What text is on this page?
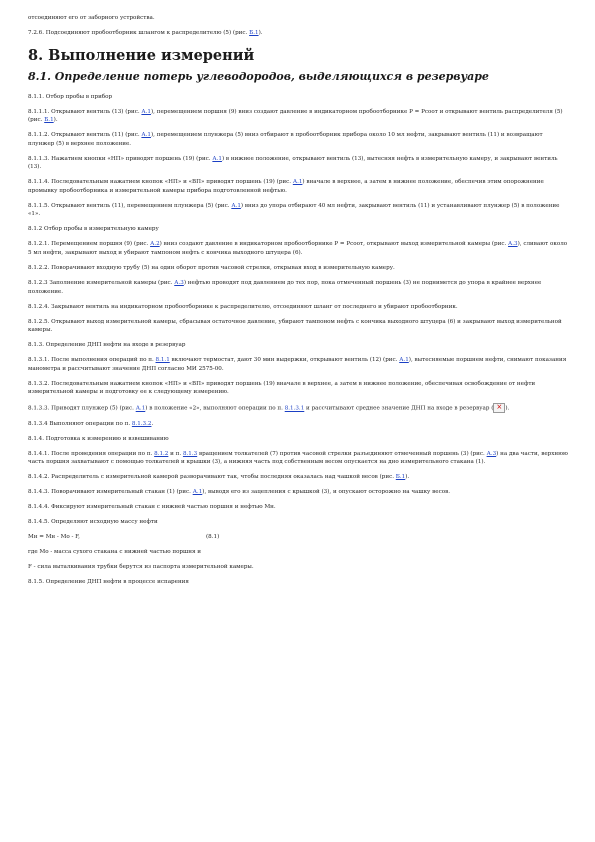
отсоединяют его от заборного устройства.

7.2.6. Подсоединяют пробоотборник шлангом к распределителю (5) (рис. Б.1).

8. Выполнение измерений
8.1. Определение потерь углеводородов, выделяющихся в резервуаре

8.1.1. Отбор пробы в прибор

8.1.1.1. Открывают вентиль (13) (рис. А.1), перемещением поршня (9) вниз создают давление в индикаторном пробоотборнике P = Pсоот и открывают вентиль распределителя (5) (рис. Б.1).

8.1.1.2. Открывают вентиль (11) (рис. А.1), перемещением плунжера (5) вниз отбирают в пробоотборник прибора около 10 мл нефти, закрывают вентиль (11) и возвращают плунжер (5) в верхнее положение.

8.1.1.3. Нажатием кнопки «НП» приводят поршень (19) (рис. А.1) в нижнее положение, открывают вентиль (13), вытесняя нефть в измерительную камеру, и закрывают вентиль (13).

8.1.1.4. Последовательным нажатием кнопок «НП» и «ВП» приводят поршень (19) (рис. А.1) вначале в верхнее, а затем в нижнее положение, обеспечив этим опорожнение промывку пробоотборника и измерительной камеры прибора подготовленной нефтью.

8.1.1.5. Открывают вентиль (11), перемещением плунжера (5) (рис. А.1) вниз до упора отбирают 40 мл нефти, закрывают вентиль (11) и устанавливают плунжер (5) в положение «1».

8.1.2 Отбор пробы в измерительную камеру

8.1.2.1. Перемещением поршня (9) (рис. А.2) вниз создают давление в индикаторном пробоотборнике P = Pсоот, открывают выход измерительной камеры (рис. А.3), сливают около 5 мл нефти, закрывают выход и убирают тампоном нефть с кончика выходного штуцера (6).

8.1.2.2. Поворачивают входную трубу (5) на один оборот против часовой стрелки, открывая вход в измерительную камеру.

8.1.2.3 Заполнение измерительной камеры (рис. А.3) нефтью проводят под давлением до тех пор, пока отмеченный поршень (3) не поднимется до упора в крайнее верхнее положение.

8.1.2.4. Закрывают вентиль на индикаторном пробоотборнике к распределителю, отсоединяют шланг от последнего и убирают пробоотборник.

8.1.2.5. Открывают выход измерительной камеры, сбрасывая остаточное давление, убирают тампоном нефть с кончика выходного штуцера (6) и закрывают выход измерительной камеры.

8.1.3. Определение ДНП нефти на входе в резервуар

8.1.3.1. После выполнения операций по п. 8.1.1 включают термостат, дают 30 мин выдержки, открывают вентиль (12) (рис. А.1), вытесняемые поршнем нефти, снимают показания манометра и рассчитывают значение ДНП согласно МИ 2575-00.

8.1.3.2. Последовательным нажатием кнопок «НП» и «ВП» приводят поршень (19) вначале в верхнее, а затем в нижнее положение, обеспечивая освобождение от нефти измерительной камеры и подготовку ее к следующему измерению.

8.1.3.3. Приводят плунжер (5) (рис. А.1) в положение «2», выполняют операции по п. 8.1.3.1 и рассчитывают среднее значение ДНП на входе в резервуар (× ).

8.1.3.4 Выполняют операции по п. 8.1.3.2.

8.1.4. Подготовка к измерению и взвешиванию

8.1.4.1. После проведения операции по п. 8.1.2 и п. 8.1.3 вращением толкателей (7) против часовой стрелки разъединяют отмеченный поршень (3) (рис. А.3) на два части, верхнюю часть поршня захватывают с помощью толкателей и крышки (3), а нижняя часть под собственным весом опускается на дно измерительного стакана (1).

8.1.4.2. Распределитель с измерительной камерой разворачивают так, чтобы последняя оказалась над чашкой весов (рис. Б.1).

8.1.4.3. Поворачивают измерительный стакан (1) (рис. А.1), выводя его из зацепления с крышкой (3), и опускают осторожно на чашку весов.

8.1.4.4. Фиксируют измерительный стакан с нижней частью поршня и нефтью Mн.

8.1.4.5. Определяют исходную массу нефти

Mн = Mн - Mо - F,	(8.1)

где Mо - масса сухого стакана с нижней частью поршня и

F - сила выталкивания трубки берутся из паспорта измерительной камеры.

8.1.5. Определение ДНП нефти в процессе испарения
